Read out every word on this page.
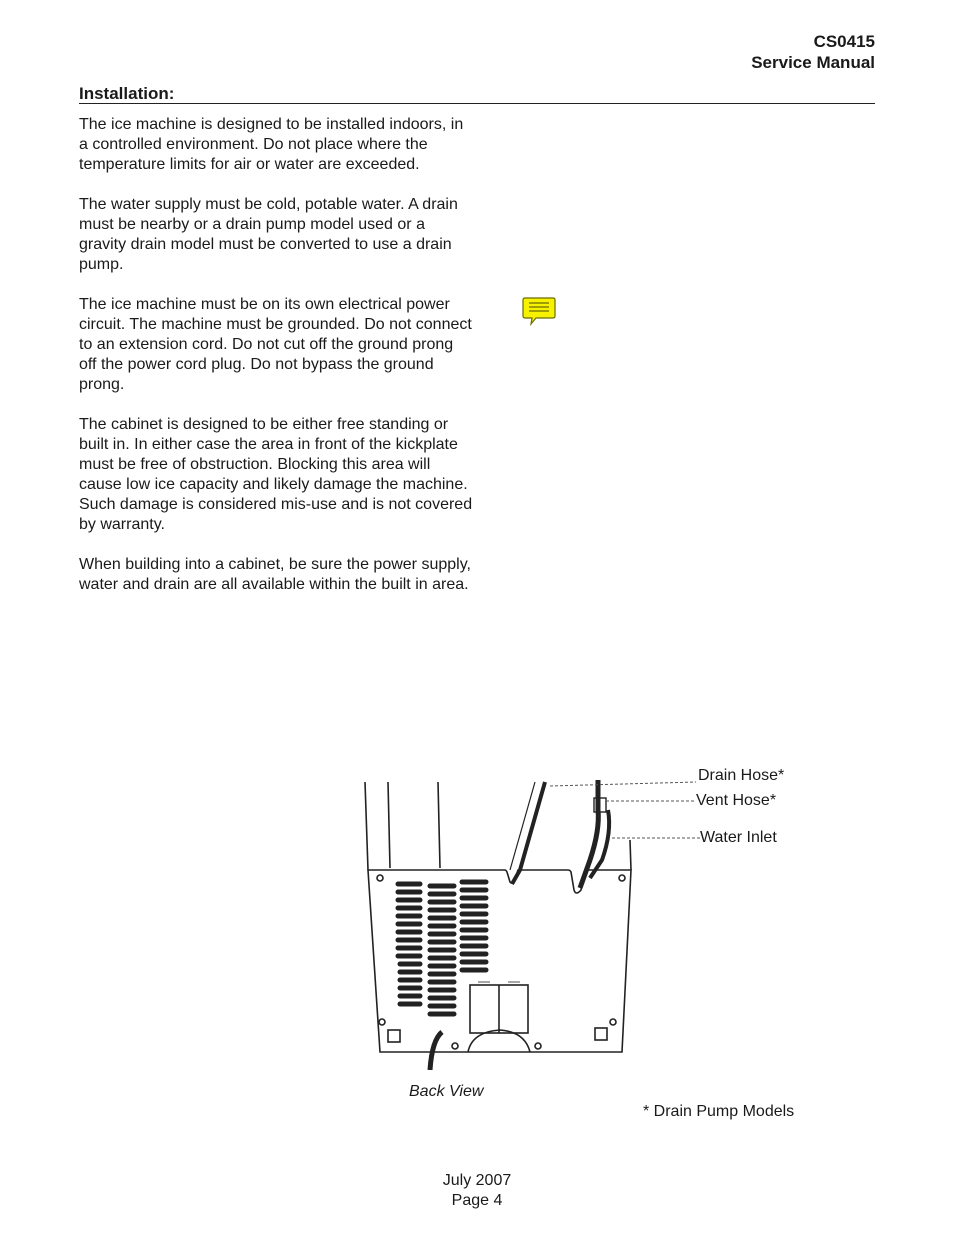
CS0415
Service Manual
Installation:

The ice machine is designed to be installed indoors, in a controlled environment. Do not place where the temperature limits for air or water are exceeded.

The water supply must be cold, potable water. A drain must be nearby or a drain pump model used or a gravity drain model must be converted to use a drain pump.

The ice machine must be on its own electrical power circuit. The machine must be grounded. Do not connect to an extension cord. Do not cut off the ground prong off the power cord plug. Do not bypass the ground prong.

The cabinet is designed to be either free standing or built in. In either case the area in front of the kickplate must be free of obstruction. Blocking this area will cause low ice capacity and likely damage the machine. Such damage is considered mis-use and is not covered by warranty.

When building into a cabinet, be sure the power supply, water and drain are all available within the built in area.

Drain Hose*
Vent Hose*
Water Inlet
Back View
* Drain Pump Models
July 2007
Page 4
